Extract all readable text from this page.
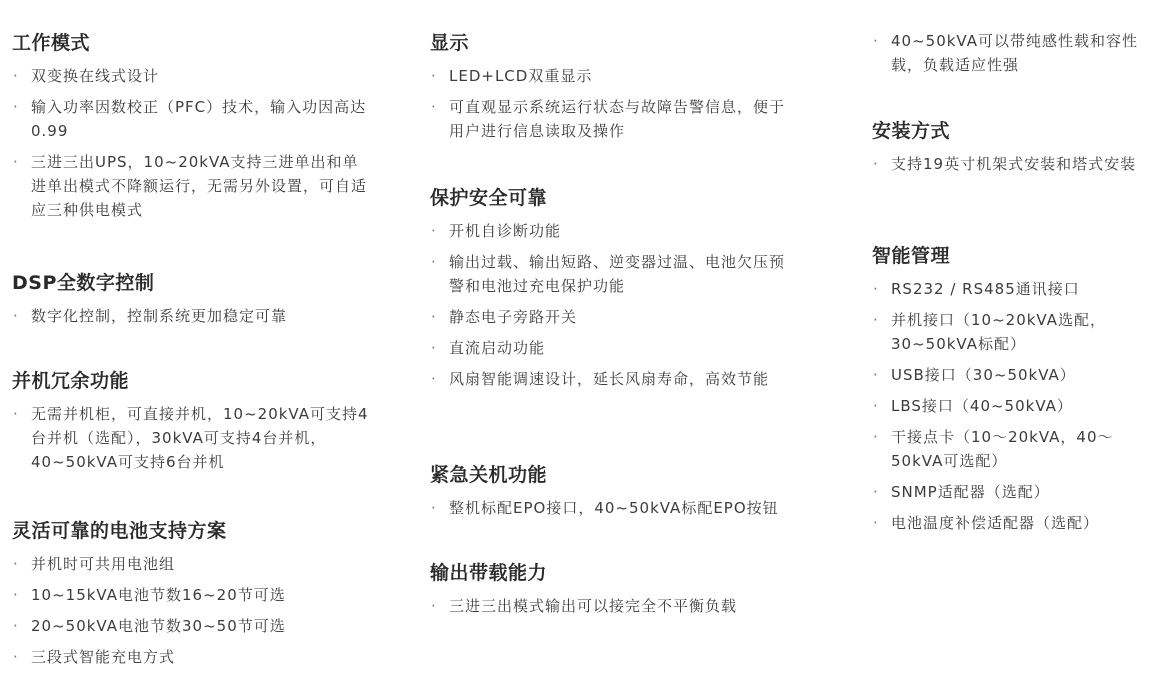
工作模式
· 双变换在线式设计
· 输入功率因数校正（PFC）技术，输入功因高达0.99
· 三进三出UPS，10~20kVA支持三进单出和单进单出模式不降额运行，无需另外设置，可自适应三种供电模式
DSP全数字控制
· 数字化控制，控制系统更加稳定可靠
并机冗余功能
· 无需并机柜，可直接并机，10~20kVA可支持4台并机（选配），30kVA可支持4台并机，40~50kVA可支持6台并机
灵活可靠的电池支持方案
· 并机时可共用电池组
· 10~15kVA电池节数16~20节可选
· 20~50kVA电池节数30~50节可选
· 三段式智能充电方式
显示
· LED+LCD双重显示
· 可直观显示系统运行状态与故障告警信息，便于用户进行信息读取及操作
保护安全可靠
· 开机自诊断功能
· 输出过载、输出短路、逆变器过温、电池欠压预警和电池过充电保护功能
· 静态电子旁路开关
· 直流启动功能
· 风扇智能调速设计，延长风扇寿命，高效节能
紧急关机功能
· 整机标配EPO接口，40~50kVA标配EPO按钮
输出带载能力
· 三进三出模式输出可以接完全不平衡负载
· 40~50kVA可以带纯感性载和容性载，负载适应性强
安装方式
· 支持19英寸机架式安装和塔式安装
智能管理
· RS232 / RS485通讯接口
· 并机接口（10~20kVA选配，30~50kVA标配）
· USB接口（30~50kVA）
· LBS接口（40~50kVA）
· 干接点卡（10～20kVA，40～50kVA可选配）
· SNMP适配器（选配）
· 电池温度补偿适配器（选配）
